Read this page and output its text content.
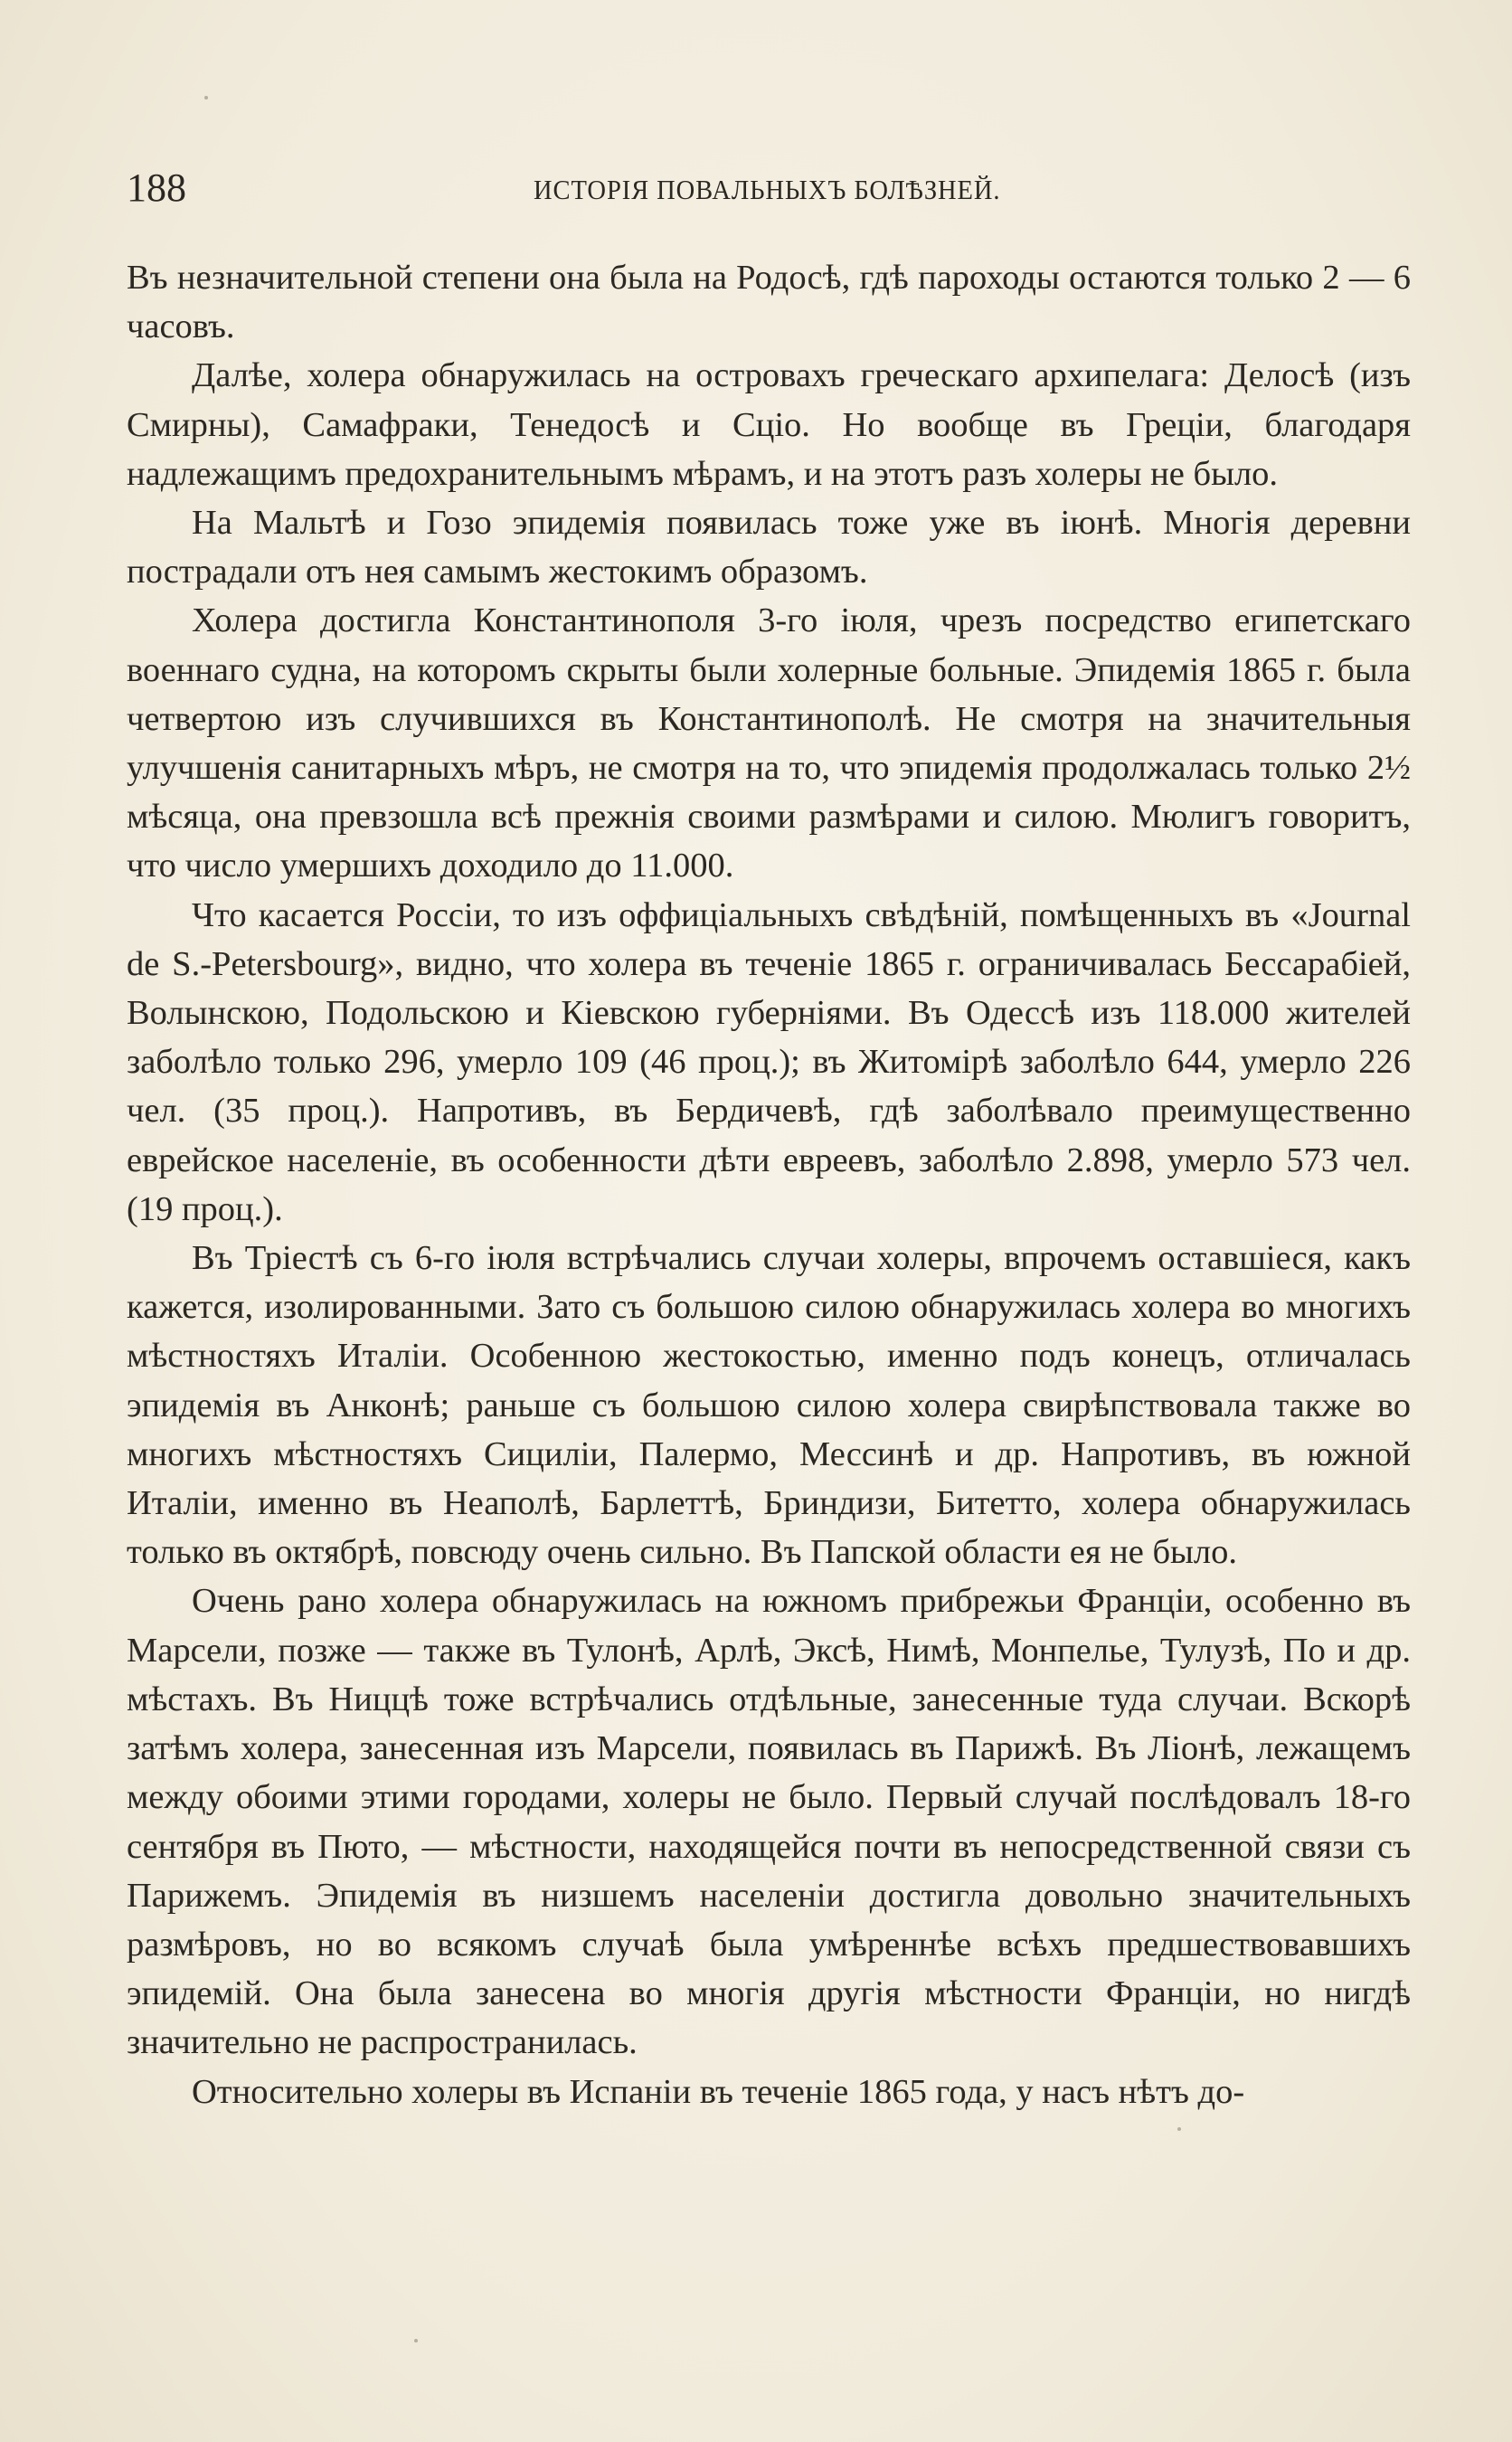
188	ИСТОРІЯ ПОВАЛЬНЫХЪ БОЛѢЗНЕЙ.

Въ незначительной степени она была на Родосѣ, гдѣ пароходы остаются только 2 — 6 часовъ.

Далѣе, холера обнаружилась на островахъ греческаго архипелага: Делосѣ (изъ Смирны), Самафраки, Тенедосѣ и Сціо. Но вообще въ Греціи, благодаря надлежащимъ предохранительнымъ мѣрамъ, и на этотъ разъ холеры не было.

На Мальтѣ и Гозо эпидемія появилась тоже уже въ іюнѣ. Многія деревни пострадали отъ нея самымъ жестокимъ образомъ.

Холера достигла Константинополя 3-го іюля, чрезъ посредство египетскаго военнаго судна, на которомъ скрыты были холерные больные. Эпидемія 1865 г. была четвертою изъ случившихся въ Константинополѣ. Не смотря на значительныя улучшенія санитарныхъ мѣръ, не смотря на то, что эпидемія продолжалась только 2½ мѣсяца, она превзошла всѣ прежнія своими размѣрами и силою. Мюлигъ говоритъ, что число умершихъ доходило до 11.000.

Что касается Россіи, то изъ оффиціальныхъ свѣдѣній, помѣщенныхъ въ «Journal de S.-Petersbourg», видно, что холера въ теченіе 1865 г. ограничивалась Бессарабіей, Волынскою, Подольскою и Кіевскою губерніями. Въ Одессѣ изъ 118.000 жителей заболѣло только 296, умерло 109 (46 проц.); въ Житомірѣ заболѣло 644, умерло 226 чел. (35 проц.). Напротивъ, въ Бердичевѣ, гдѣ заболѣвало преимущественно еврейское населеніе, въ особенности дѣти евреевъ, заболѣло 2.898, умерло 573 чел. (19 проц.).

Въ Тріестѣ съ 6-го іюля встрѣчались случаи холеры, впрочемъ оставшіеся, какъ кажется, изолированными. Зато съ большою силою обнаружилась холера во многихъ мѣстностяхъ Италіи. Особенною жестокостью, именно подъ конецъ, отличалась эпидемія въ Анконѣ; раньше съ большою силою холера свирѣпствовала также во многихъ мѣстностяхъ Сициліи, Палермо, Мессинѣ и др. Напротивъ, въ южной Италіи, именно въ Неаполѣ, Барлеттѣ, Бриндизи, Битетто, холера обнаружилась только въ октябрѣ, повсюду очень сильно. Въ Папской области ея не было.

Очень рано холера обнаружилась на южномъ прибрежьи Франціи, особенно въ Марсели, позже — также въ Тулонѣ, Арлѣ, Эксѣ, Нимѣ, Монпелье, Тулузѣ, По и др. мѣстахъ. Въ Ниццѣ тоже встрѣчались отдѣльные, занесенные туда случаи. Вскорѣ затѣмъ холера, занесенная изъ Марсели, появилась въ Парижѣ. Въ Ліонѣ, лежащемъ между обоими этими городами, холеры не было. Первый случай послѣдовалъ 18-го сентября въ Пюто, — мѣстности, находящейся почти въ непосредственной связи съ Парижемъ. Эпидемія въ низшемъ населеніи достигла довольно значительныхъ размѣровъ, но во всякомъ случаѣ была умѣреннѣе всѣхъ предшествовавшихъ эпидемій. Она была занесена во многія другія мѣстности Франціи, но нигдѣ значительно не распространилась.

Относительно холеры въ Испаніи въ теченіе 1865 года, у насъ нѣтъ до-
